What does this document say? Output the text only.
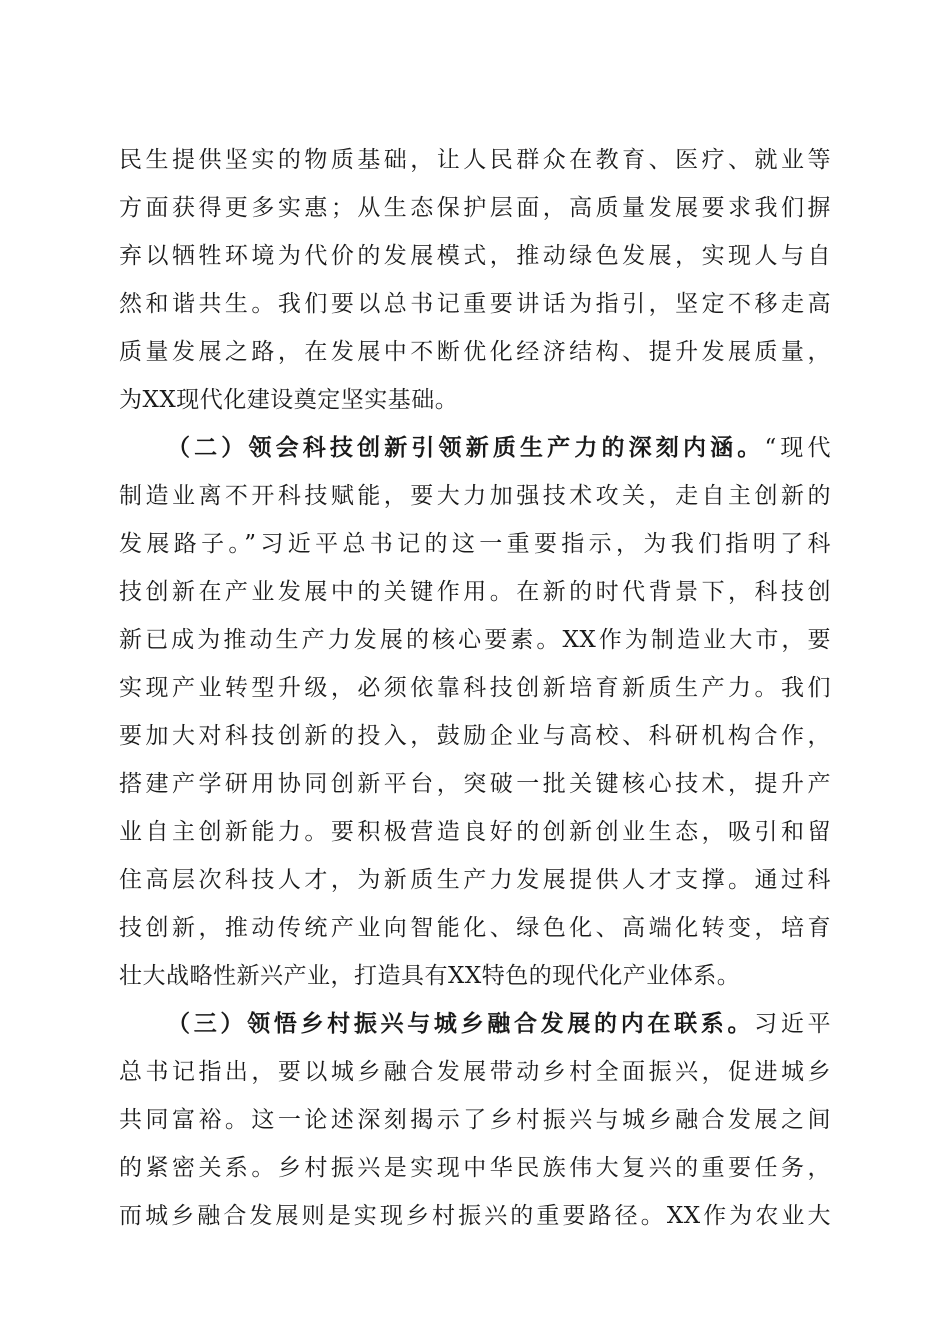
民生提供坚实的物质基础，让人民群众在教育、医疗、就业等
方面获得更多实惠；从生态保护层面，高质量发展要求我们摒
弃以牺牲环境为代价的发展模式，推动绿色发展，实现人与自
然和谐共生。我们要以总书记重要讲话为指引，坚定不移走高
质量发展之路，在发展中不断优化经济结构、提升发展质量，
为XX现代化建设奠定坚实基础。
（二）领会科技创新引领新质生产力的深刻内涵。“现代
制造业离不开科技赋能，要大力加强技术攻关，走自主创新的
发展路子。”习近平总书记的这一重要指示，为我们指明了科
技创新在产业发展中的关键作用。在新的时代背景下，科技创
新已成为推动生产力发展的核心要素。XX作为制造业大市，要
实现产业转型升级，必须依靠科技创新培育新质生产力。我们
要加大对科技创新的投入，鼓励企业与高校、科研机构合作，
搭建产学研用协同创新平台，突破一批关键核心技术，提升产
业自主创新能力。要积极营造良好的创新创业生态，吸引和留
住高层次科技人才，为新质生产力发展提供人才支撑。通过科
技创新，推动传统产业向智能化、绿色化、高端化转变，培育
壮大战略性新兴产业，打造具有XX特色的现代化产业体系。
（三）领悟乡村振兴与城乡融合发展的内在联系。习近平
总书记指出，要以城乡融合发展带动乡村全面振兴，促进城乡
共同富裕。这一论述深刻揭示了乡村振兴与城乡融合发展之间
的紧密关系。乡村振兴是实现中华民族伟大复兴的重要任务，
而城乡融合发展则是实现乡村振兴的重要路径。XX作为农业大
